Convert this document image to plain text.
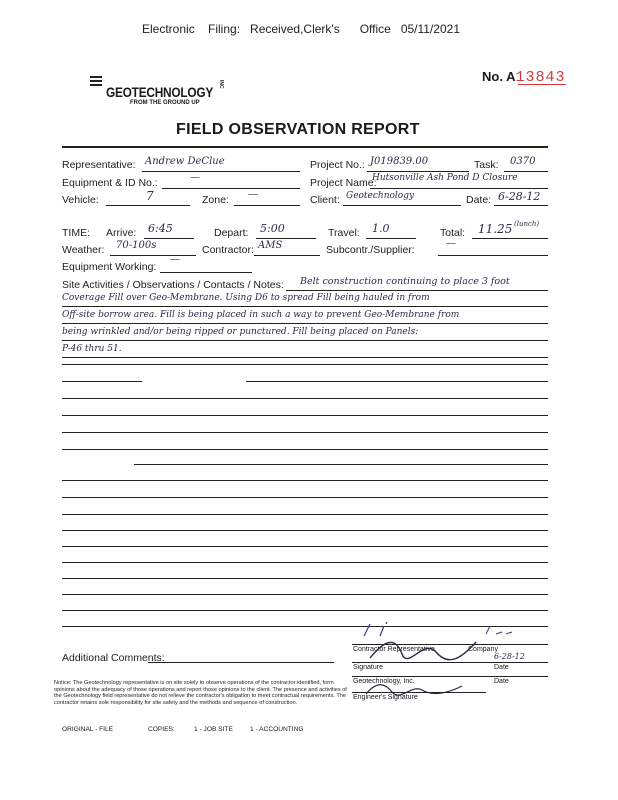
Electronic    Filing:   Received,Clerk's      Office   05/11/2021
No. A13843
GEOTECHNOLOGY INC
FROM THE GROUND UP
FIELD OBSERVATION REPORT
Representative: Andrew DeClue	Project No.: J019839.00	Task: 0370
Equipment & ID No.:	—	Project Name:
Hutsonville Ash Pond D Closure
Vehicle:	7	Zone: —	Client: Geotechnology	Date: 6-28-12
TIME: Arrive: 6:45	Depart: 5:00	Travel: 1.0	Total: 11.25 (lunch)
Weather: 70-100s	Contractor: AMS	Subcontr./Supplier:
—
Equipment Working:
—
Site Activities / Observations / Contacts / Notes: Belt construction continuing to place 3 foot
Coverage Fill over Geo-Membrane. Using D6 to spread Fill being hauled in from
Off-site borrow area. Fill is being placed in such a way to prevent Geo-Membrane from
being wrinkled and/or being ripped or punctured. Fill being placed on Panels:
P-46 thru 51.
Additional Comments:
Contractor Representative	Company
6-28-12
Signature	Date
Geotechnology, Inc.	Date
Engineer's Signature
Notice: The Geotechnology representative is on site solely to observe operations of the contractor identified, form opinions about the adequacy of those operations and report those opinions to the client. The presence and activities of the Geotechnology field representative do not relieve the contractor's obligation to meet contractual requirements. The contractor retains sole responsibility for site safety and the methods and sequence of construction.
ORIGINAL - FILE	COPIES:	1 - JOB SITE	1 - ACCOUNTING
